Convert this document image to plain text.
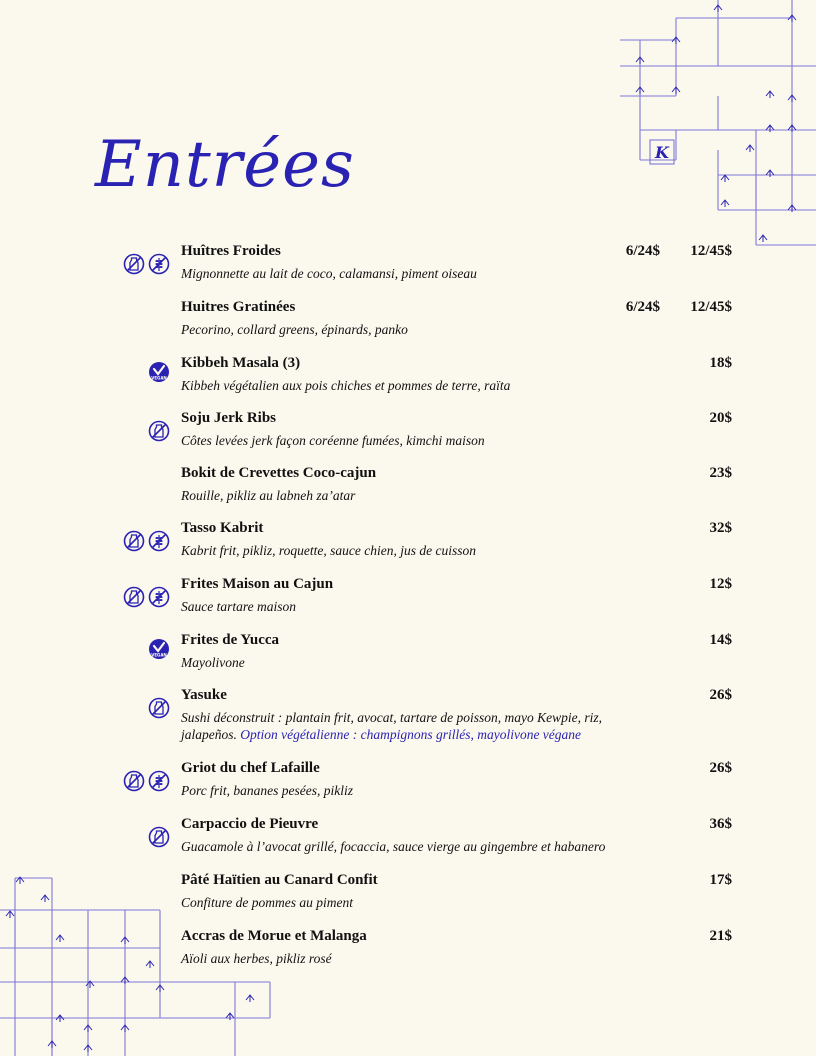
K
Entrées
Huîtres Froides
Mignonnette au lait de coco, calamansi, piment oiseau
6/24$ 12/45$
Huitres Gratinées
Pecorino, collard greens, épinards, panko
6/24$ 12/45$
VEGAN
Kibbeh Masala (3)
Kibbeh végétalien aux pois chiches et pommes de terre, raïta
18$
Soju Jerk Ribs
Côtes levées jerk façon coréenne fumées, kimchi maison
20$
Bokit de Crevettes Coco-cajun
Rouille, pikliz au labneh za’atar
23$
Tasso Kabrit
Kabrit frit, pikliz, roquette, sauce chien, jus de cuisson
32$
Frites Maison au Cajun
Sauce tartare maison
12$
VEGAN
Frites de Yucca
Mayolivone
14$
Yasuke
Sushi déconstruit : plantain frit, avocat, tartare de poisson, mayo Kewpie, riz, jalapeños. Option végétalienne : champignons grillés, mayolivone végane
26$
Griot du chef Lafaille
Porc frit, bananes pesées, pikliz
26$
Carpaccio de Pieuvre
Guacamole à l’avocat grillé, focaccia, sauce vierge au gingembre et habanero
36$
Pâté Haïtien au Canard Confit
Confiture de pommes au piment
17$
Accras de Morue et Malanga
Aïoli aux herbes, pikliz rosé
21$
